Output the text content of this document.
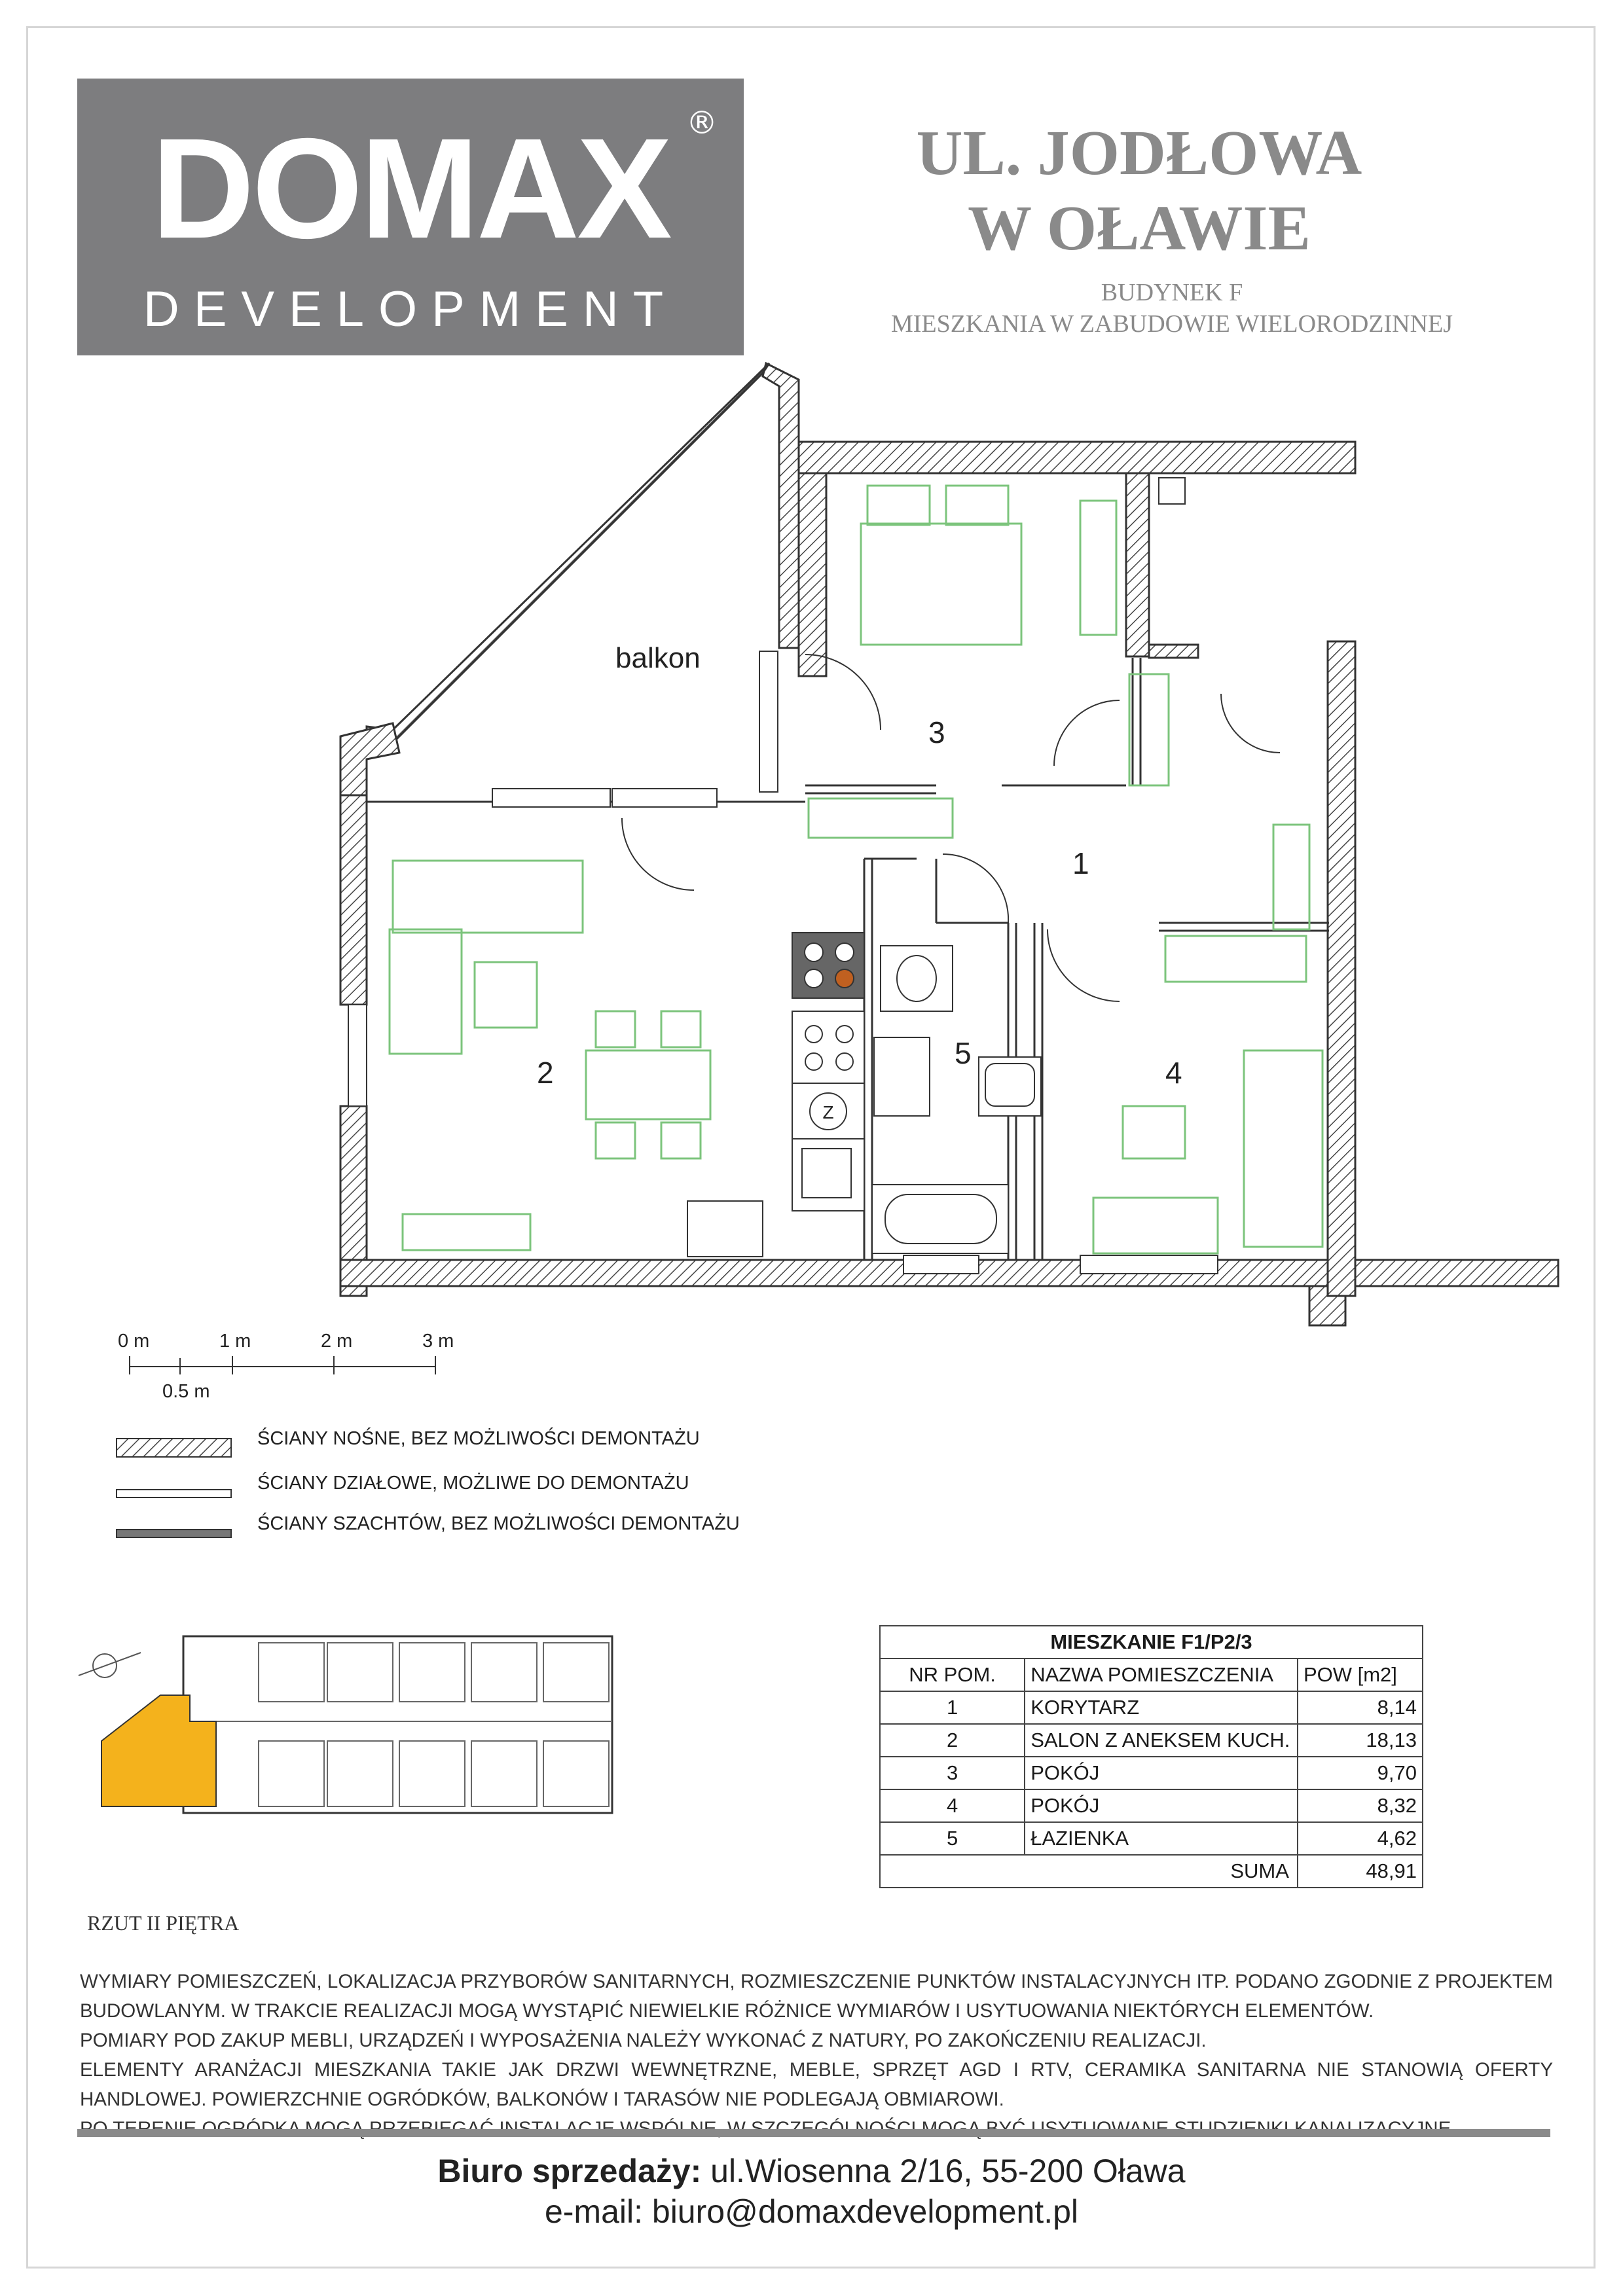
DOMAX ®
DEVELOPMENT
UL. JODŁOWA
W OŁAWIE
BUDYNEK F
MIESZKANIA W ZABUDOWIE WIELORODZINNEJ
Z
balkon
1
2
3
4
5
0 m	1 m	2 m	3 m
0.5 m
ŚCIANY NOŚNE, BEZ MOŻLIWOŚCI DEMONTAŻU
ŚCIANY DZIAŁOWE, MOŻLIWE DO DEMONTAŻU
ŚCIANY SZACHTÓW, BEZ MOŻLIWOŚCI DEMONTAŻU
MIESZKANIE F1/P2/3		
NR POM.	NAZWA POMIESZCZENIA	POW [m2]
1	KORYTARZ	8,14
2	SALON Z ANEKSEM KUCH.	18,13
3	POKÓJ	9,70
4	POKÓJ	8,32
5	ŁAZIENKA	4,62
SUMA		48,91
RZUT II PIĘTRA

WYMIARY POMIESZCZEŃ, LOKALIZACJA PRZYBORÓW SANITARNYCH, ROZMIESZCZENIE PUNKTÓW INSTALACYJNYCH ITP. PODANO ZGODNIE Z PROJEKTEM BUDOWLANYM. W TRAKCIE REALIZACJI MOGĄ WYSTĄPIĆ NIEWIELKIE RÓŻNICE WYMIARÓW I USYTUOWANIA NIEKTÓRYCH ELEMENTÓW.

POMIARY POD ZAKUP MEBLI, URZĄDZEŃ I WYPOSAŻENIA NALEŻY WYKONAĆ Z NATURY, PO ZAKOŃCZENIU REALIZACJI.

ELEMENTY ARANŻACJI MIESZKANIA TAKIE JAK DRZWI WEWNĘTRZNE, MEBLE, SPRZĘT AGD I RTV, CERAMIKA SANITARNA NIE STANOWIĄ OFERTY HANDLOWEJ. POWIERZCHNIE OGRÓDKÓW, BALKONÓW I TARASÓW NIE PODLEGAJĄ OBMIAROWI.

Biuro sprzedaży: ul.Wiosenna 2/16, 55-200 Oława
e-mail: biuro@domaxdevelopment.pl
